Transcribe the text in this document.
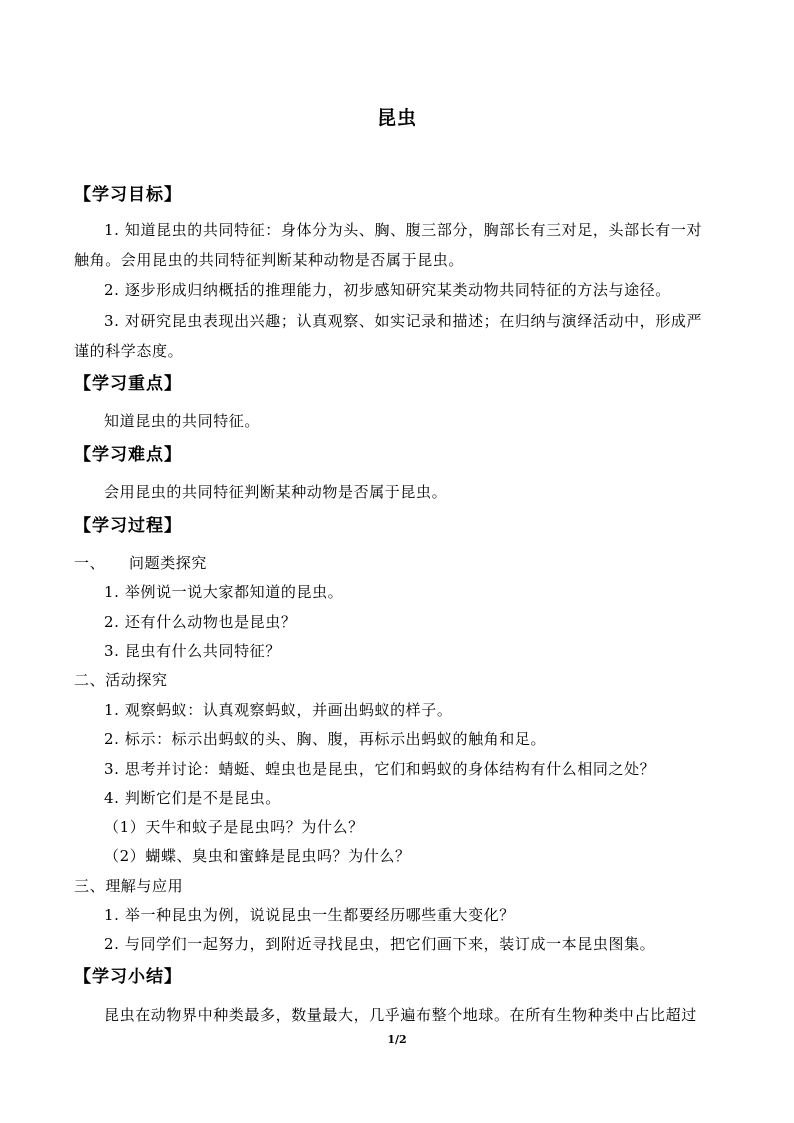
昆虫
【学习目标】
1. 知道昆虫的共同特征：身体分为头、胸、腹三部分，胸部长有三对足，头部长有一对
触角。会用昆虫的共同特征判断某种动物是否属于昆虫。
2. 逐步形成归纳概括的推理能力，初步感知研究某类动物共同特征的方法与途径。
3. 对研究昆虫表现出兴趣；认真观察、如实记录和描述；在归纳与演绎活动中，形成严
谨的科学态度。
【学习重点】
知道昆虫的共同特征。
【学习难点】
会用昆虫的共同特征判断某种动物是否属于昆虫。
【学习过程】
一、 问题类探究
1. 举例说一说大家都知道的昆虫。
2. 还有什么动物也是昆虫？
3. 昆虫有什么共同特征？
二、活动探究
1. 观察蚂蚁：认真观察蚂蚁，并画出蚂蚁的样子。
2. 标示：标示出蚂蚁的头、胸、腹，再标示出蚂蚁的触角和足。
3. 思考并讨论：蜻蜓、蝗虫也是昆虫，它们和蚂蚁的身体结构有什么相同之处？
4. 判断它们是不是昆虫。
（1）天牛和蚊子是昆虫吗？为什么？
（2）蝴蝶、臭虫和蜜蜂是昆虫吗？为什么？
三、理解与应用
1. 举一种昆虫为例，说说昆虫一生都要经历哪些重大变化？
2. 与同学们一起努力，到附近寻找昆虫，把它们画下来，装订成一本昆虫图集。
【学习小结】
昆虫在动物界中种类最多，数量最大，几乎遍布整个地球。在所有生物种类中占比超过
1/2
